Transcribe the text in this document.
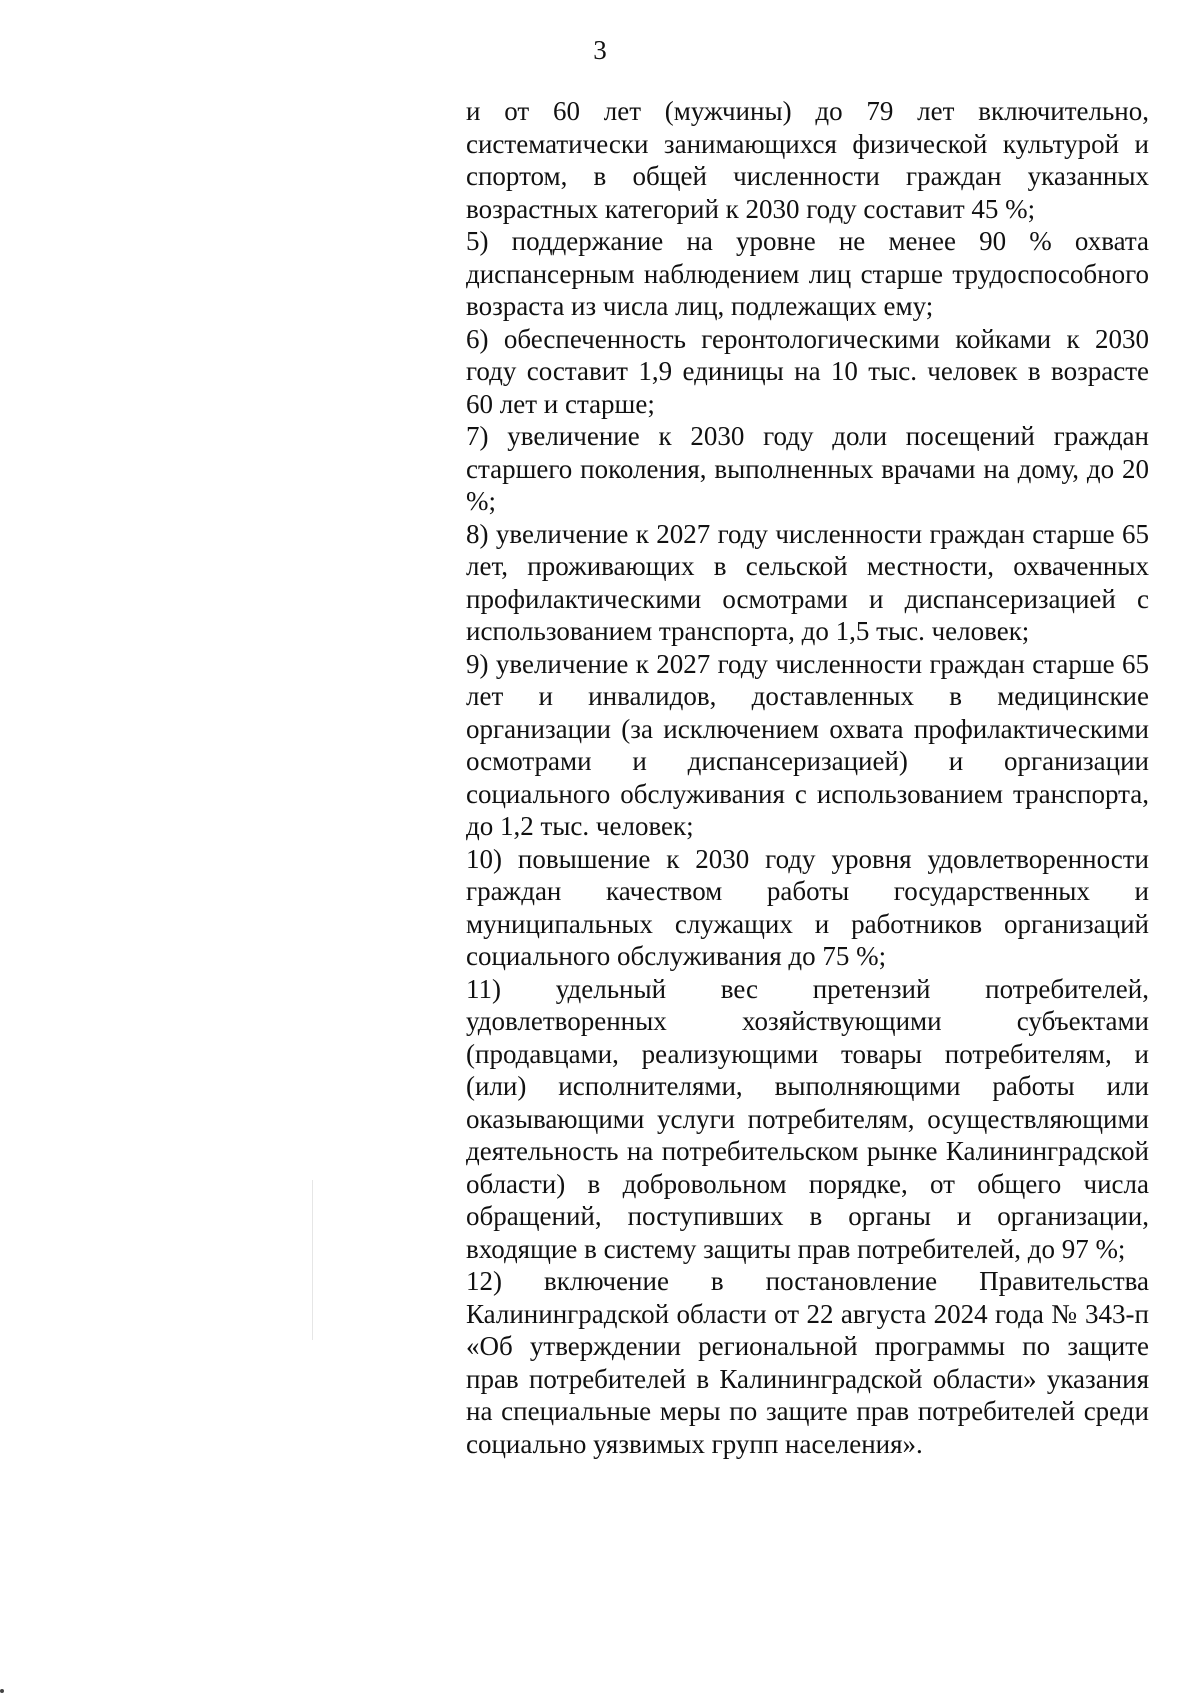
3

и от 60 лет (мужчины) до 79 лет включительно, систематически занимающихся физической культурой и спортом, в общей численности граждан указанных возрастных категорий к 2030 году составит 45 %;

5) поддержание на уровне не менее 90 % охвата диспансерным наблюдением лиц старше трудоспособного возраста из числа лиц, подлежащих ему;

6) обеспеченность геронтологическими койками к 2030 году составит 1,9 единицы на 10 тыс. человек в возрасте 60 лет и старше;

7) увеличение к 2030 году доли посещений граждан старшего поколения, выполненных врачами на дому, до 20 %;

8) увеличение к 2027 году численности граждан старше 65 лет, проживающих в сельской местности, охваченных профилактическими осмотрами и диспансеризацией с использованием транспорта, до 1,5 тыс. человек;

9) увеличение к 2027 году численности граждан старше 65 лет и инвалидов, доставленных в медицинские организации (за исключением охвата профилактическими осмотрами и диспансеризацией) и организации социального обслуживания с использованием транспорта, до 1,2 тыс. человек;

10) повышение к 2030 году уровня удовлетворенности граждан качеством работы государственных и муниципальных служащих и работников организаций социального обслуживания до 75 %;

11) удельный вес претензий потребителей, удовлетворенных хозяйствующими субъектами (продавцами, реализующими товары потребителям, и (или) исполнителями, выполняющими работы или оказывающими услуги потребителям, осуществляющими деятельность на потребительском рынке Калининградской области) в добровольном порядке, от общего числа обращений, поступивших в органы и организации, входящие в систему защиты прав потребителей, до 97 %;

12) включение в постановление Правительства Калининградской области от 22 августа 2024 года № 343-п «Об утверждении региональной программы по защите прав потребителей в Калининградской области» указания на специальные меры по защите прав потребителей среди социально уязвимых групп населения».
